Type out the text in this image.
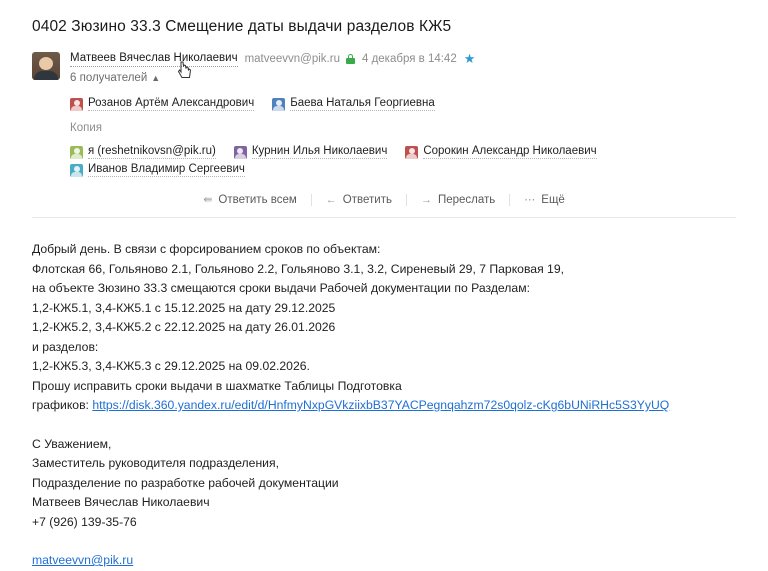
0402 Зюзино 33.3 Смещение даты выдачи разделов КЖ5
Матвеев Вячеслав Николаевич matveevvn@pik.ru 4 декабря в 14:42 ★
6 получателей ▲
Розанов Артём Александрович	Баева Наталья Георгиевна
Копия
я (reshetnikovsn@pik.ru)	Курнин Илья Николаевич	Сорокин Александр Николаевич
Иванов Владимир Сергеевич
⇚ Ответить всем	← Ответить	→ Переслать	⋯ Ещё

Добрый день. В связи с форсированием сроков по объектам:

Флотская 66, Гольяново 2.1, Гольяново 2.2, Гольяново 3.1, 3.2, Сиреневый 29, 7 Парковая 19,

на объекте Зюзино 33.3 смещаются сроки выдачи Рабочей документации по Разделам:

1,2-КЖ5.1, 3,4-КЖ5.1 с 15.12.2025 на дату 29.12.2025

1,2-КЖ5.2, 3,4-КЖ5.2 с 22.12.2025 на дату 26.01.2026

и разделов:

1,2-КЖ5.3, 3,4-КЖ5.3 с 29.12.2025 на 09.02.2026.

Прошу исправить сроки выдачи в шахматке Таблицы Подготовка

графиков: https://disk.360.yandex.ru/edit/d/HnfmyNxpGVkziixbB37YACPegnqahzm72s0qolz-cKg6bUNiRHc5S3YyUQ

С Уважением,

Заместитель руководителя подразделения,

Подразделение по разработке рабочей документации

Матвеев Вячеслав Николаевич

+7 (926) 139-35-76

matveevvn@pik.ru
